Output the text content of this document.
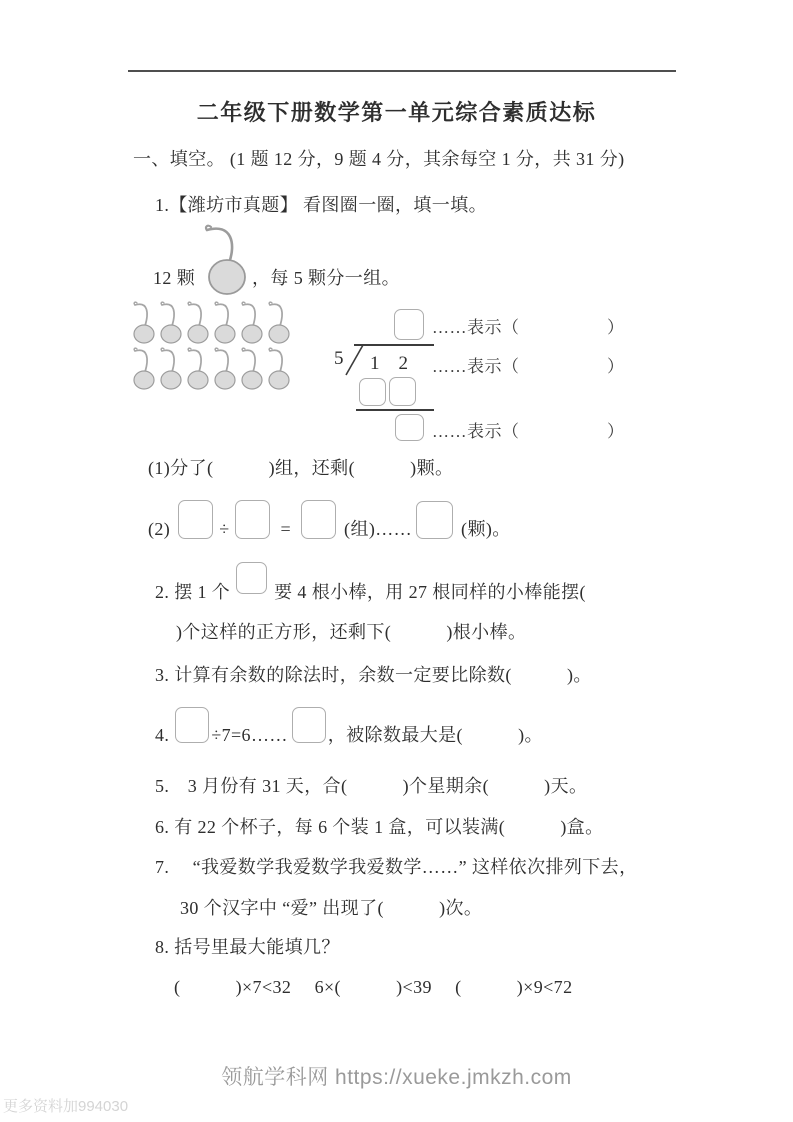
二年级下册数学第一单元综合素质达标
一、填空。 (1 题 12 分，9 题 4 分，其余每空 1 分，共 31 分)
1.【潍坊市真题】 看图圈一圈，填一填。
12 颗	，每 5 颗分一组。
……表示（　　　　　）
5 1　2 ……表示（　　　　　）
……表示（　　　　　）
(1)分了(　　　)组，还剩(　　　)颗。
(2)	÷	=	(组)……	(颗)。
2. 摆 1 个 要 4 根小棒，用 27 根同样的小棒能摆(
)个这样的正方形，还剩下(　　　)根小棒。
3. 计算有余数的除法时，余数一定要比除数(　　　)。
4. ÷7=6…… ，被除数最大是(　　　)。
5.　3 月份有 31 天，合(　　　)个星期余(　　　)天。
6. 有 22 个杯子，每 6 个装 1 盒，可以装满(　　　)盒。
7.　 “我爱数学我爱数学我爱数学……” 这样依次排列下去，
30 个汉字中 “爱” 出现了(　　　)次。
8. 括号里最大能填几？
(　　　)×7<32　 6×(　　　)<39　 (　　　)×9<72
领航学科网 https://xueke.jmkzh.com
更多资料加994030
